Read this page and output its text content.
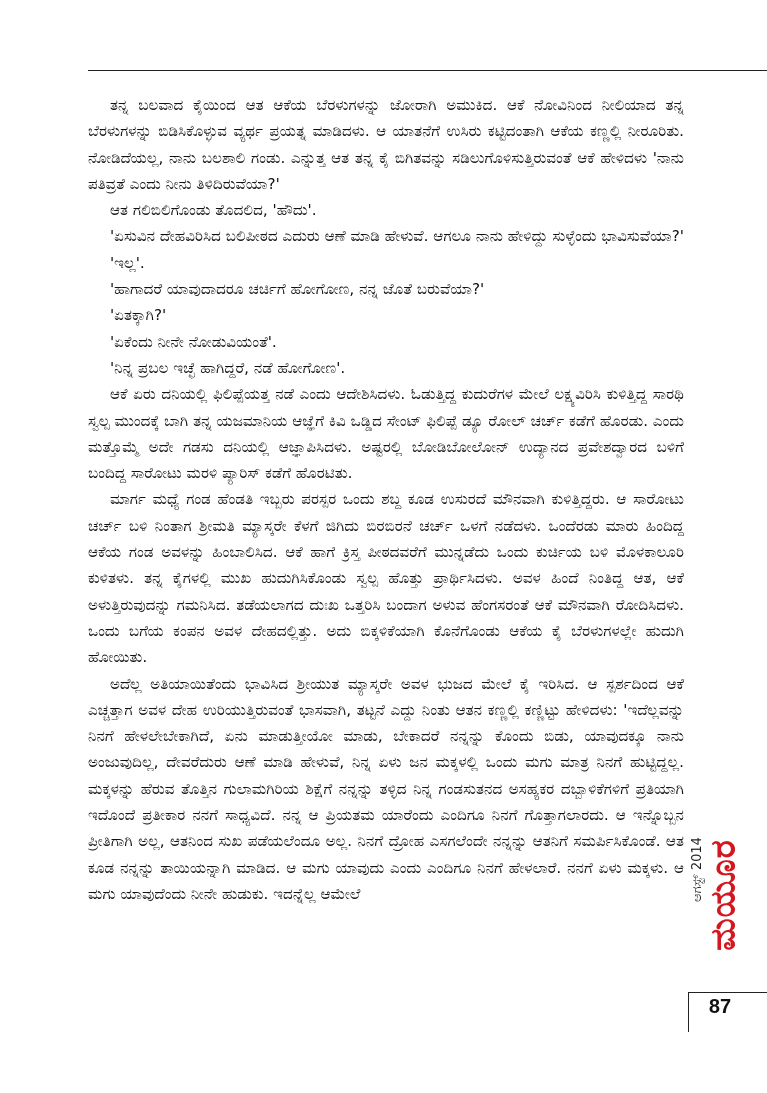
ತನ್ನ ಬಲವಾದ ಕೈಯಿಂದ ಆತ ಆಕೆಯ ಬೆರಳುಗಳನ್ನು ಜೋರಾಗಿ ಅಮುಕಿದ. ಆಕೆ ನೋವಿನಿಂದ ನೀಲಿಯಾದ ತನ್ನ ಬೆರಳುಗಳನ್ನು ಬಿಡಿಸಿಕೊಳ್ಳುವ ವ್ಯರ್ಥ ಪ್ರಯತ್ನ ಮಾಡಿದಳು. ಆ ಯಾತನೆಗೆ ಉಸಿರು ಕಟ್ಟಿದಂತಾಗಿ ಆಕೆಯ ಕಣ್ಣಲ್ಲಿ ನೀರೂರಿತು. ನೋಡಿದೆಯಲ್ಲ, ನಾನು ಬಲಶಾಲಿ ಗಂಡು. ಎನ್ನುತ್ತ ಆತ ತನ್ನ ಕೈ ಬಿಗಿತವನ್ನು ಸಡಿಲುಗೊಳಿಸುತ್ತಿರುವಂತೆ ಆಕೆ ಹೇಳಿದಳು 'ನಾನು ಪತಿವ್ರತೆ ಎಂದು ನೀನು ತಿಳಿದಿರುವೆಯಾ?'

ಆತ ಗಲಿಬಿಲಿಗೊಂಡು ತೊದಲಿದ, 'ಹೌದು'.

'ಏಸುವಿನ ದೇಹವಿರಿಸಿದ ಬಲಿಪೀಠದ ಎದುರು ಆಣೆ ಮಾಡಿ ಹೇಳುವೆ. ಆಗಲೂ ನಾನು ಹೇಳಿದ್ದು ಸುಳ್ಳೆಂದು ಭಾವಿಸುವೆಯಾ?'

'ಇಲ್ಲ'.

'ಹಾಗಾದರೆ ಯಾವುದಾದರೂ ಚರ್ಚಿಗೆ ಹೋಗೋಣ, ನನ್ನ ಜೊತೆ ಬರುವೆಯಾ?'

'ಏತಕ್ಕಾಗಿ?'

'ಏಕೆಂದು ನೀನೇ ನೋಡುವಿಯಂತೆ'.

'ನಿನ್ನ ಪ್ರಬಲ ಇಚ್ಛೆ ಹಾಗಿದ್ದರೆ, ನಡೆ ಹೋಗೋಣ'.

ಆಕೆ ಏರು ದನಿಯಲ್ಲಿ ಫಿಲಿಪ್ಪೆಯತ್ತ ನಡೆ ಎಂದು ಆದೇಶಿಸಿದಳು. ಓಡುತ್ತಿದ್ದ ಕುದುರೆಗಳ ಮೇಲೆ ಲಕ್ಷ್ಯವಿರಿಸಿ ಕುಳಿತ್ತಿದ್ದ ಸಾರಥಿ ಸ್ವಲ್ಪ ಮುಂದಕ್ಕೆ ಬಾಗಿ ತನ್ನ ಯಜಮಾನಿಯ ಆಜ್ಞೆಗೆ ಕಿವಿ ಒಡ್ಡಿದ ಸೇಂಟ್ ಫಿಲಿಪ್ಪೆ ಡ್ಯೂ ರೋಲ್ ಚರ್ಚ್ ಕಡೆಗೆ ಹೊರಡು. ಎಂದು ಮತ್ತೊಮ್ಮೆ ಅದೇ ಗಡಸು ದನಿಯಲ್ಲಿ ಆಜ್ಞಾಪಿಸಿದಳು. ಅಷ್ಟರಲ್ಲಿ ಬೋಡಿಬೋಲೋನ್ ಉದ್ಯಾನದ ಪ್ರವೇಶದ್ವಾರದ ಬಳಿಗೆ ಬಂದಿದ್ದ ಸಾರೋಟು ಮರಳಿ ಪ್ಯಾರಿಸ್ ಕಡೆಗೆ ಹೊರಟಿತು.

ಮಾರ್ಗ ಮಧ್ಯೆ ಗಂಡ ಹೆಂಡತಿ ಇಬ್ಬರು ಪರಸ್ಪರ ಒಂದು ಶಬ್ದ ಕೂಡ ಉಸುರದೆ ಮೌನವಾಗಿ ಕುಳಿತ್ತಿದ್ದರು. ಆ ಸಾರೋಟು ಚರ್ಚ್ ಬಳಿ ನಿಂತಾಗ ಶ್ರೀಮತಿ ಮ್ಯಾಸ್ಕರೇ ಕೆಳಗೆ ಜಿಗಿದು ಬಿರಬಿರನೆ ಚರ್ಚ್ ಒಳಗೆ ನಡೆದಳು. ಒಂದೆರಡು ಮಾರು ಹಿಂದಿದ್ದ ಆಕೆಯ ಗಂಡ ಅವಳನ್ನು ಹಿಂಬಾಲಿಸಿದ. ಆಕೆ ಹಾಗೆ ಕ್ರಿಸ್ತ ಪೀಠದವರೆಗೆ ಮುನ್ನಡೆದು ಒಂದು ಕುರ್ಚಿಯ ಬಳಿ ಮೊಳಕಾಲೂರಿ ಕುಳಿತಳು. ತನ್ನ ಕೈಗಳಲ್ಲಿ ಮುಖ ಹುದುಗಿಸಿಕೊಂಡು ಸ್ವಲ್ಪ ಹೊತ್ತು ಪ್ರಾರ್ಥಿಸಿದಳು. ಅವಳ ಹಿಂದೆ ನಿಂತಿದ್ದ ಆತ, ಆಕೆ ಅಳುತ್ತಿರುವುದನ್ನು ಗಮನಿಸಿದ. ತಡೆಯಲಾಗದ ದುಃಖ ಒತ್ತರಿಸಿ ಬಂದಾಗ ಅಳುವ ಹೆಂಗಸರಂತೆ ಆಕೆ ಮೌನವಾಗಿ ರೋದಿಸಿದಳು. ಒಂದು ಬಗೆಯ ಕಂಪನ ಅವಳ ದೇಹದಲ್ಲಿತ್ತು. ಅದು ಬಿಕ್ಕಳಿಕೆಯಾಗಿ ಕೊನೆಗೊಂಡು ಆಕೆಯ ಕೈ ಬೆರಳುಗಳಲ್ಲೇ ಹುದುಗಿ ಹೋಯಿತು.

ಅದೆಲ್ಲ ಅತಿಯಾಯಿತೆಂದು ಭಾವಿಸಿದ ಶ್ರೀಯುತ ಮ್ಯಾಸ್ಕರೇ ಅವಳ ಭುಜದ ಮೇಲೆ ಕೈ ಇರಿಸಿದ. ಆ ಸ್ಪರ್ಶದಿಂದ ಆಕೆ ಎಚ್ಚತ್ತಾಗ ಅವಳ ದೇಹ ಉರಿಯುತ್ತಿರುವಂತೆ ಭಾಸವಾಗಿ, ತಟ್ಟನೆ ಎದ್ದು ನಿಂತು ಆತನ ಕಣ್ಣಲ್ಲಿ ಕಣ್ಣಿಟ್ಟು ಹೇಳಿದಳು: 'ಇದೆಲ್ಲವನ್ನು ನಿನಗೆ ಹೇಳಲೇಬೇಕಾಗಿದೆ, ಏನು ಮಾಡುತ್ತೀಯೋ ಮಾಡು, ಬೇಕಾದರೆ ನನ್ನನ್ನು ಕೊಂದು ಬಿಡು, ಯಾವುದಕ್ಕೂ ನಾನು ಅಂಜುವುದಿಲ್ಲ, ದೇವರೆದುರು ಆಣೆ ಮಾಡಿ ಹೇಳುವೆ, ನಿನ್ನ ಏಳು ಜನ ಮಕ್ಕಳಲ್ಲಿ ಒಂದು ಮಗು ಮಾತ್ರ ನಿನಗೆ ಹುಟ್ಟಿದ್ದಲ್ಲ. ಮಕ್ಕಳನ್ನು ಹೆರುವ ತೊತ್ತಿನ ಗುಲಾಮಗಿರಿಯ ಶಿಕ್ಷೆಗೆ ನನ್ನನ್ನು ತಳ್ಳಿದ ನಿನ್ನ ಗಂಡಸುತನದ ಅಸಹ್ಯಕರ ದಬ್ಬಾಳಿಕೆಗಳಿಗೆ ಪ್ರತಿಯಾಗಿ ಇದೊಂದೆ ಪ್ರತೀಕಾರ ನನಗೆ ಸಾಧ್ಯವಿದೆ. ನನ್ನ ಆ ಪ್ರಿಯತಮ ಯಾರೆಂದು ಎಂದಿಗೂ ನಿನಗೆ ಗೊತ್ತಾಗಲಾರದು. ಆ ಇನ್ನೊಬ್ಬನ ಪ್ರೀತಿಗಾಗಿ ಅಲ್ಲ, ಆತನಿಂದ ಸುಖ ಪಡೆಯಲೆಂದೂ ಅಲ್ಲ. ನಿನಗೆ ದ್ರೋಹ ಎಸಗಲೆಂದೇ ನನ್ನನ್ನು ಆತನಿಗೆ ಸಮರ್ಪಿಸಿಕೊಂಡೆ. ಆತ ಕೂಡ ನನ್ನನ್ನು ತಾಯಿಯನ್ನಾಗಿ ಮಾಡಿದ. ಆ ಮಗು ಯಾವುದು ಎಂದು ಎಂದಿಗೂ ನಿನಗೆ ಹೇಳಲಾರೆ. ನನಗೆ ಏಳು ಮಕ್ಕಳು. ಆ ಮಗು ಯಾವುದೆಂದು ನೀನೇ ಹುಡುಕು. ಇದನ್ನೆಲ್ಲ ಆಮೇಲೆ	ಆಗಸ್ಟ್ 2014 ಮಯೂರ
87
